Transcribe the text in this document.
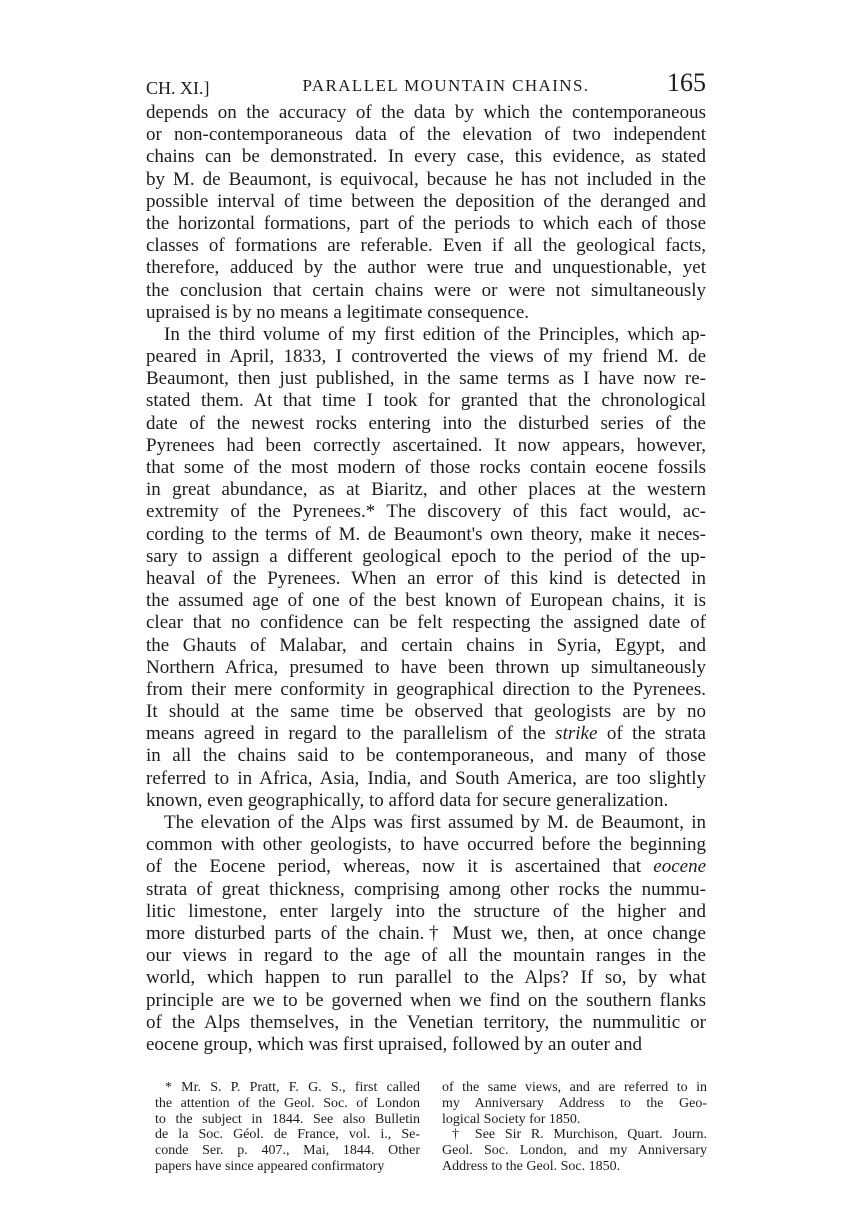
CH. XI.]	PARALLEL MOUNTAIN CHAINS.	165
depends on the accuracy of the data by which the contemporaneous
or non-contemporaneous data of the elevation of two independent
chains can be demonstrated. In every case, this evidence, as stated
by M. de Beaumont, is equivocal, because he has not included in the
possible interval of time between the deposition of the deranged and
the horizontal formations, part of the periods to which each of those
classes of formations are referable. Even if all the geological facts,
therefore, adduced by the author were true and unquestionable, yet
the conclusion that certain chains were or were not simultaneously
upraised is by no means a legitimate consequence.
In the third volume of my first edition of the Principles, which ap-
peared in April, 1833, I controverted the views of my friend M. de
Beaumont, then just published, in the same terms as I have now re-
stated them. At that time I took for granted that the chronological
date of the newest rocks entering into the disturbed series of the
Pyrenees had been correctly ascertained. It now appears, however,
that some of the most modern of those rocks contain eocene fossils
in great abundance, as at Biaritz, and other places at the western
extremity of the Pyrenees.* The discovery of this fact would, ac-
cording to the terms of M. de Beaumont's own theory, make it neces-
sary to assign a different geological epoch to the period of the up-
heaval of the Pyrenees. When an error of this kind is detected in
the assumed age of one of the best known of European chains, it is
clear that no confidence can be felt respecting the assigned date of
the Ghauts of Malabar, and certain chains in Syria, Egypt, and
Northern Africa, presumed to have been thrown up simultaneously
from their mere conformity in geographical direction to the Pyrenees.
It should at the same time be observed that geologists are by no
means agreed in regard to the parallelism of the strike of the strata
in all the chains said to be contemporaneous, and many of those
referred to in Africa, Asia, India, and South America, are too slightly
known, even geographically, to afford data for secure generalization.
The elevation of the Alps was first assumed by M. de Beaumont, in
common with other geologists, to have occurred before the beginning
of the Eocene period, whereas, now it is ascertained that eocene
strata of great thickness, comprising among other rocks the nummu-
litic limestone, enter largely into the structure of the higher and
more disturbed parts of the chain.† Must we, then, at once change
our views in regard to the age of all the mountain ranges in the
world, which happen to run parallel to the Alps? If so, by what
principle are we to be governed when we find on the southern flanks
of the Alps themselves, in the Venetian territory, the nummulitic or
eocene group, which was first upraised, followed by an outer and
* Mr. S. P. Pratt, F. G. S., first called
the attention of the Geol. Soc. of London
to the subject in 1844. See also Bulletin
de la Soc. Géol. de France, vol. i., Se-
conde Ser. p. 407., Mai, 1844. Other
papers have since appeared confirmatory
of the same views, and are referred to in
my Anniversary Address to the Geo-
logical Society for 1850.
† See Sir R. Murchison, Quart. Journ.
Geol. Soc. London, and my Anniversary
Address to the Geol. Soc. 1850.
